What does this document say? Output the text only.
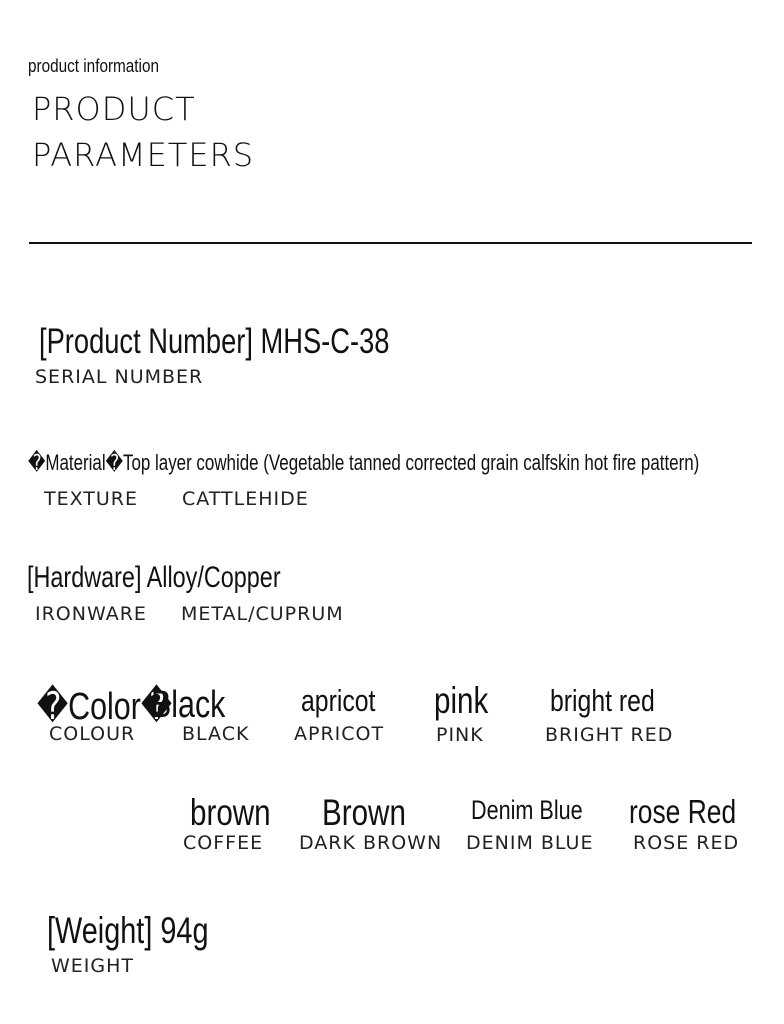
product information
PRODUCT
PARAMETERS
[Product Number] MHS-C-38
SERIAL NUMBER
�Material�Top layer cowhide (Vegetable tanned corrected grain calfskin hot fire pattern)
TEXTURE CATTLEHIDE
[Hardware] Alloy/Copper
IRONWARE METAL/CUPRUM
�Color�
COLOUR
Black
BLACK
apricot
APRICOT
pink
PINK
bright red
BRIGHT RED
brown
COFFEE
Brown
DARK BROWN
Denim Blue
DENIM BLUE
rose Red
ROSE RED
[Weight] 94g
WEIGHT
